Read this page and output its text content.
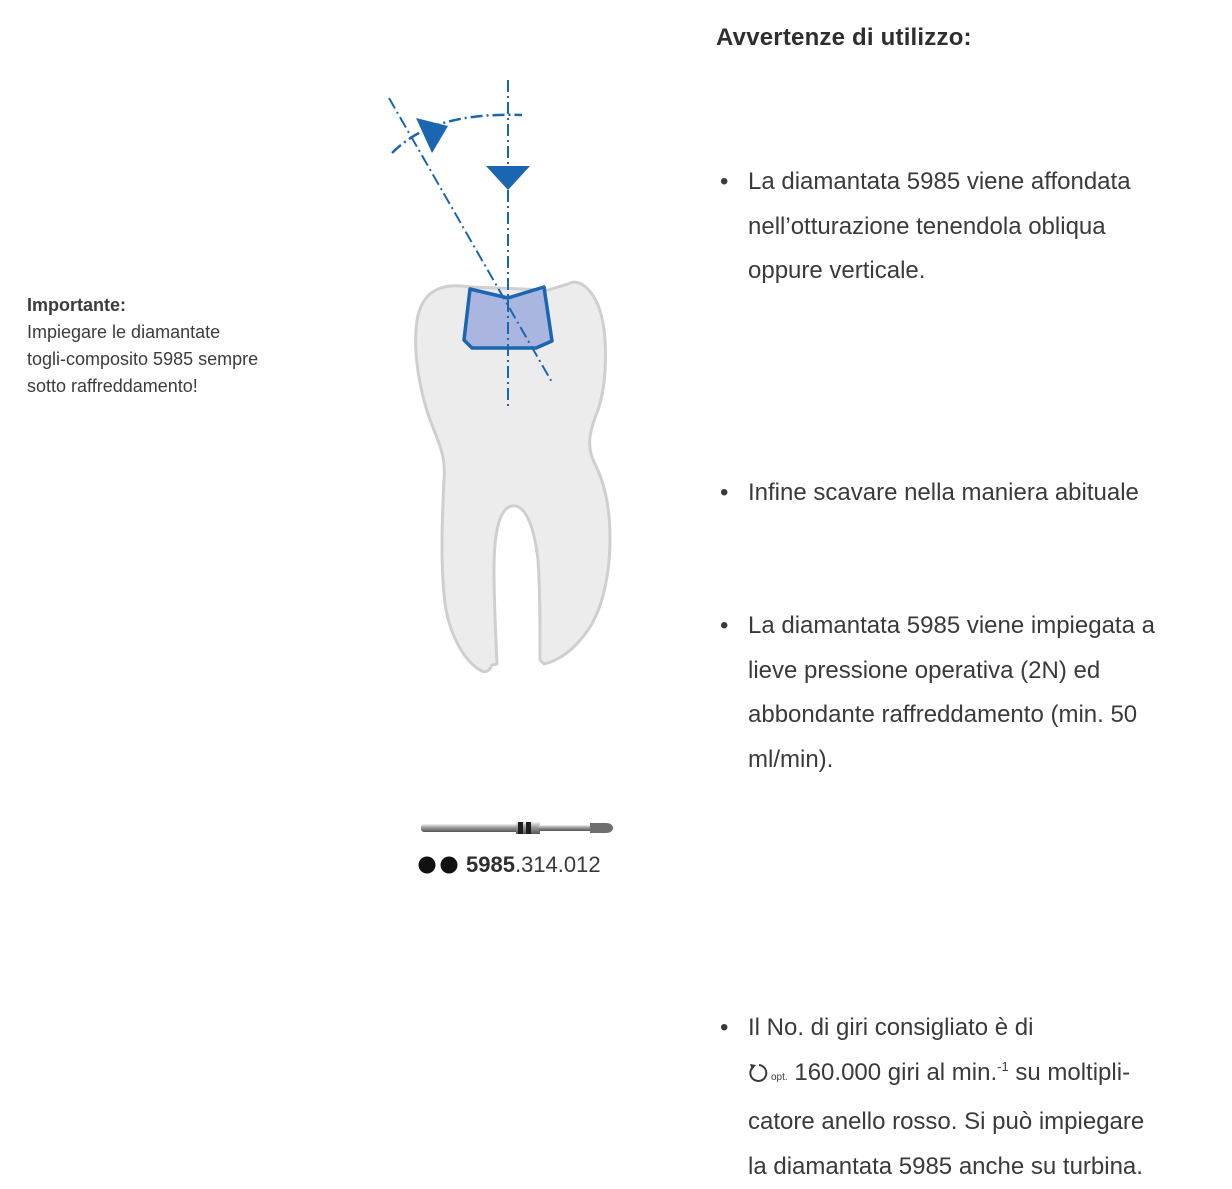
Importante:
Impiegare le diamantate
togli-composito 5985 sempre
sotto raffreddamento!
Avvertenze di utilizzo:
• La diamantata 5985 viene affondata
nell’otturazione tenendola obliqua
oppure verticale.
• Infine scavare nella maniera abituale
• La diamantata 5985 viene impiegata a
lieve pressione operativa (2N) ed
abbondante raffreddamento (min. 50
ml/min).
• Il No. di giri consigliato è di
opt. 160.000 giri al min.$^{-1}$ su moltipli-
catore anello rosso. Si può impiegare
la diamantata 5985 anche su turbina.
5985.314.012
